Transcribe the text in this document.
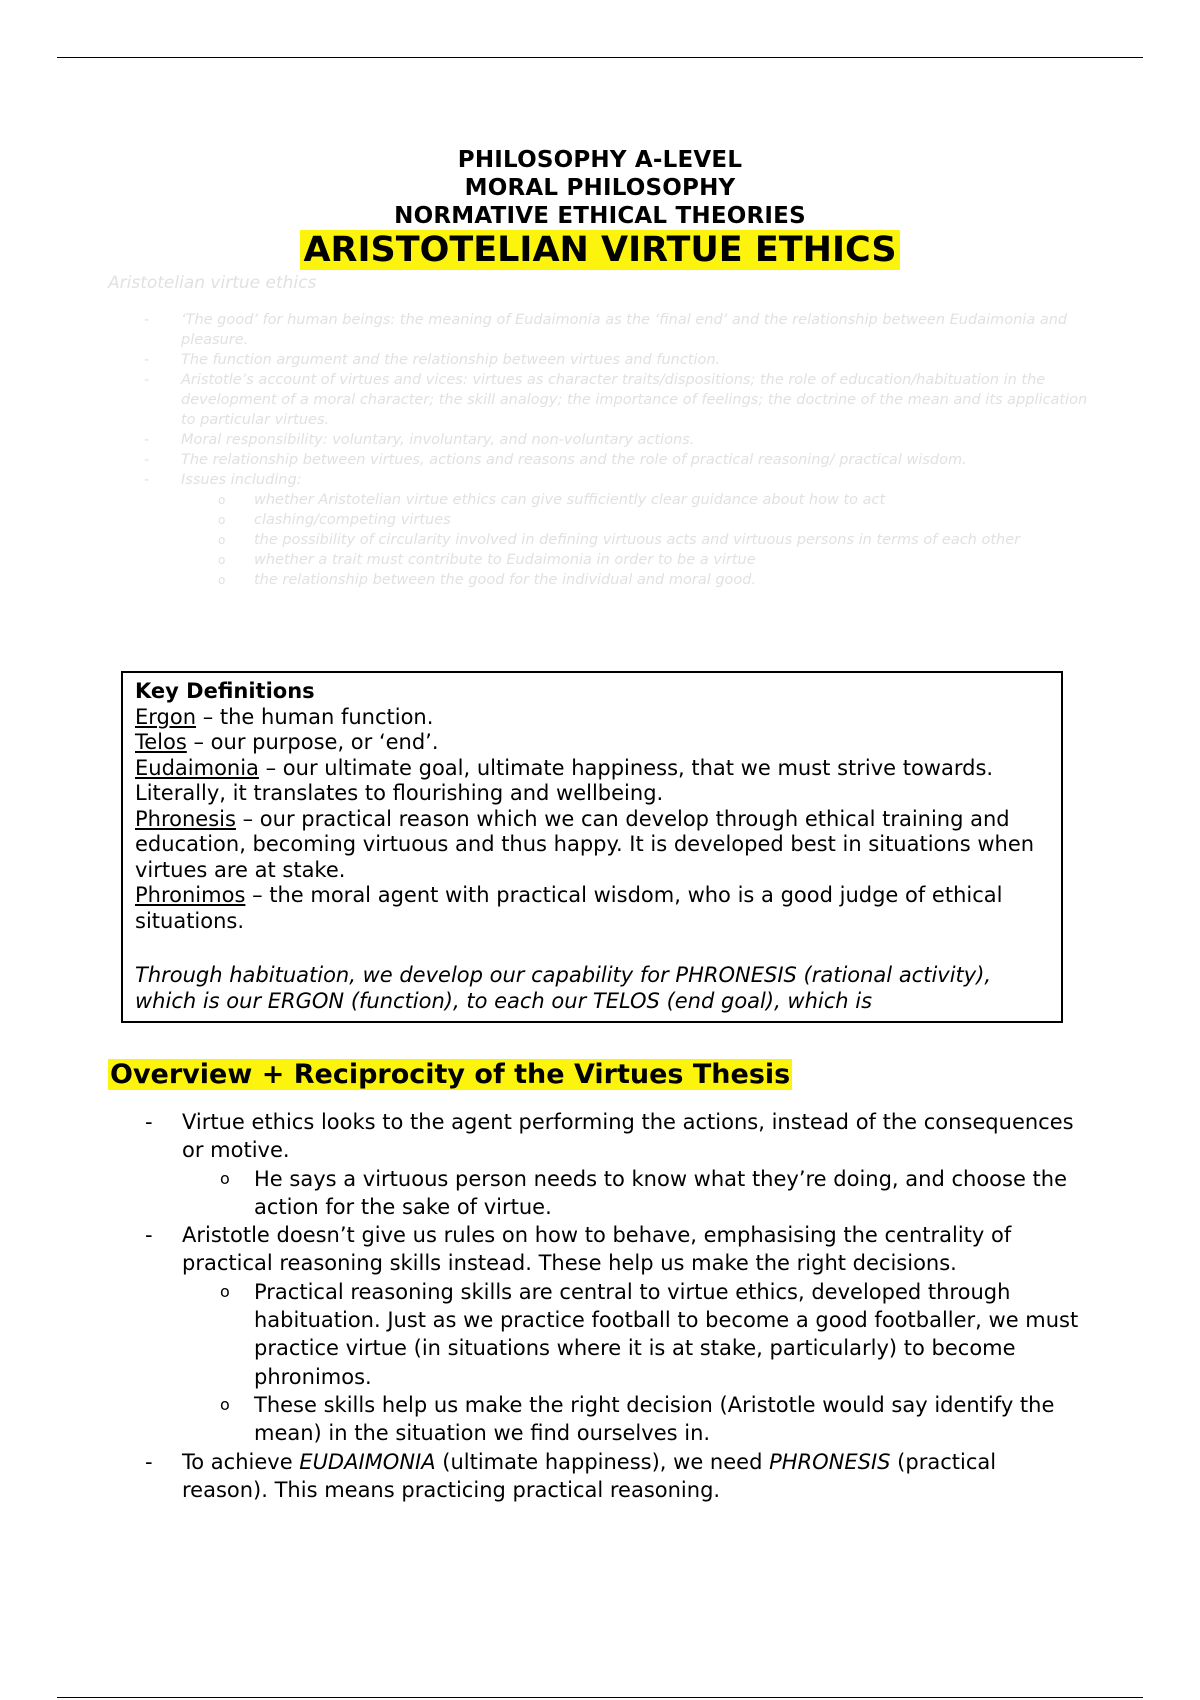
PHILOSOPHY A-LEVEL
MORAL PHILOSOPHY
NORMATIVE ETHICAL THEORIES
ARISTOTELIAN VIRTUE ETHICS
Aristotelian virtue ethics
- ‘The good’ for human beings: the meaning of Eudaimonia as the ‘final end’ and the relationship between Eudaimonia and pleasure.
- The function argument and the relationship between virtues and function.
- Aristotle’s account of virtues and vices: virtues as character traits/dispositions; the role of education/habituation in the development of a moral character; the skill analogy; the importance of feelings; the doctrine of the mean and its application to particular virtues.
- Moral responsibility: voluntary, involuntary, and non-voluntary actions.
- The relationship between virtues, actions and reasons and the role of practical reasoning/ practical wisdom.
- Issues including:
o whether Aristotelian virtue ethics can give sufficiently clear guidance about how to act
o clashing/competing virtues
o the possibility of circularity involved in defining virtuous acts and virtuous persons in terms of each other
o whether a trait must contribute to Eudaimonia in order to be a virtue
o the relationship between the good for the individual and moral good.

Key Definitions

Ergon – the human function.

Telos – our purpose, or ‘end’.

Eudaimonia – our ultimate goal, ultimate happiness, that we must strive towards. Literally, it translates to flourishing and wellbeing.

Phronesis – our practical reason which we can develop through ethical training and education, becoming virtuous and thus happy. It is developed best in situations when virtues are at stake.

Phronimos – the moral agent with practical wisdom, who is a good judge of ethical situations.

Through habituation, we develop our capability for PHRONESIS (rational activity), which is our ERGON (function), to each our TELOS (end goal), which is

Overview + Reciprocity of the Virtues Thesis
- Virtue ethics looks to the agent performing the actions, instead of the consequences or motive.
o He says a virtuous person needs to know what they’re doing, and choose the action for the sake of virtue.
- Aristotle doesn’t give us rules on how to behave, emphasising the centrality of practical reasoning skills instead. These help us make the right decisions.
o Practical reasoning skills are central to virtue ethics, developed through habituation. Just as we practice football to become a good footballer, we must practice virtue (in situations where it is at stake, particularly) to become phronimos.
o These skills help us make the right decision (Aristotle would say identify the mean) in the situation we find ourselves in.
- To achieve EUDAIMONIA (ultimate happiness), we need PHRONESIS (practical reason). This means practicing practical reasoning.
